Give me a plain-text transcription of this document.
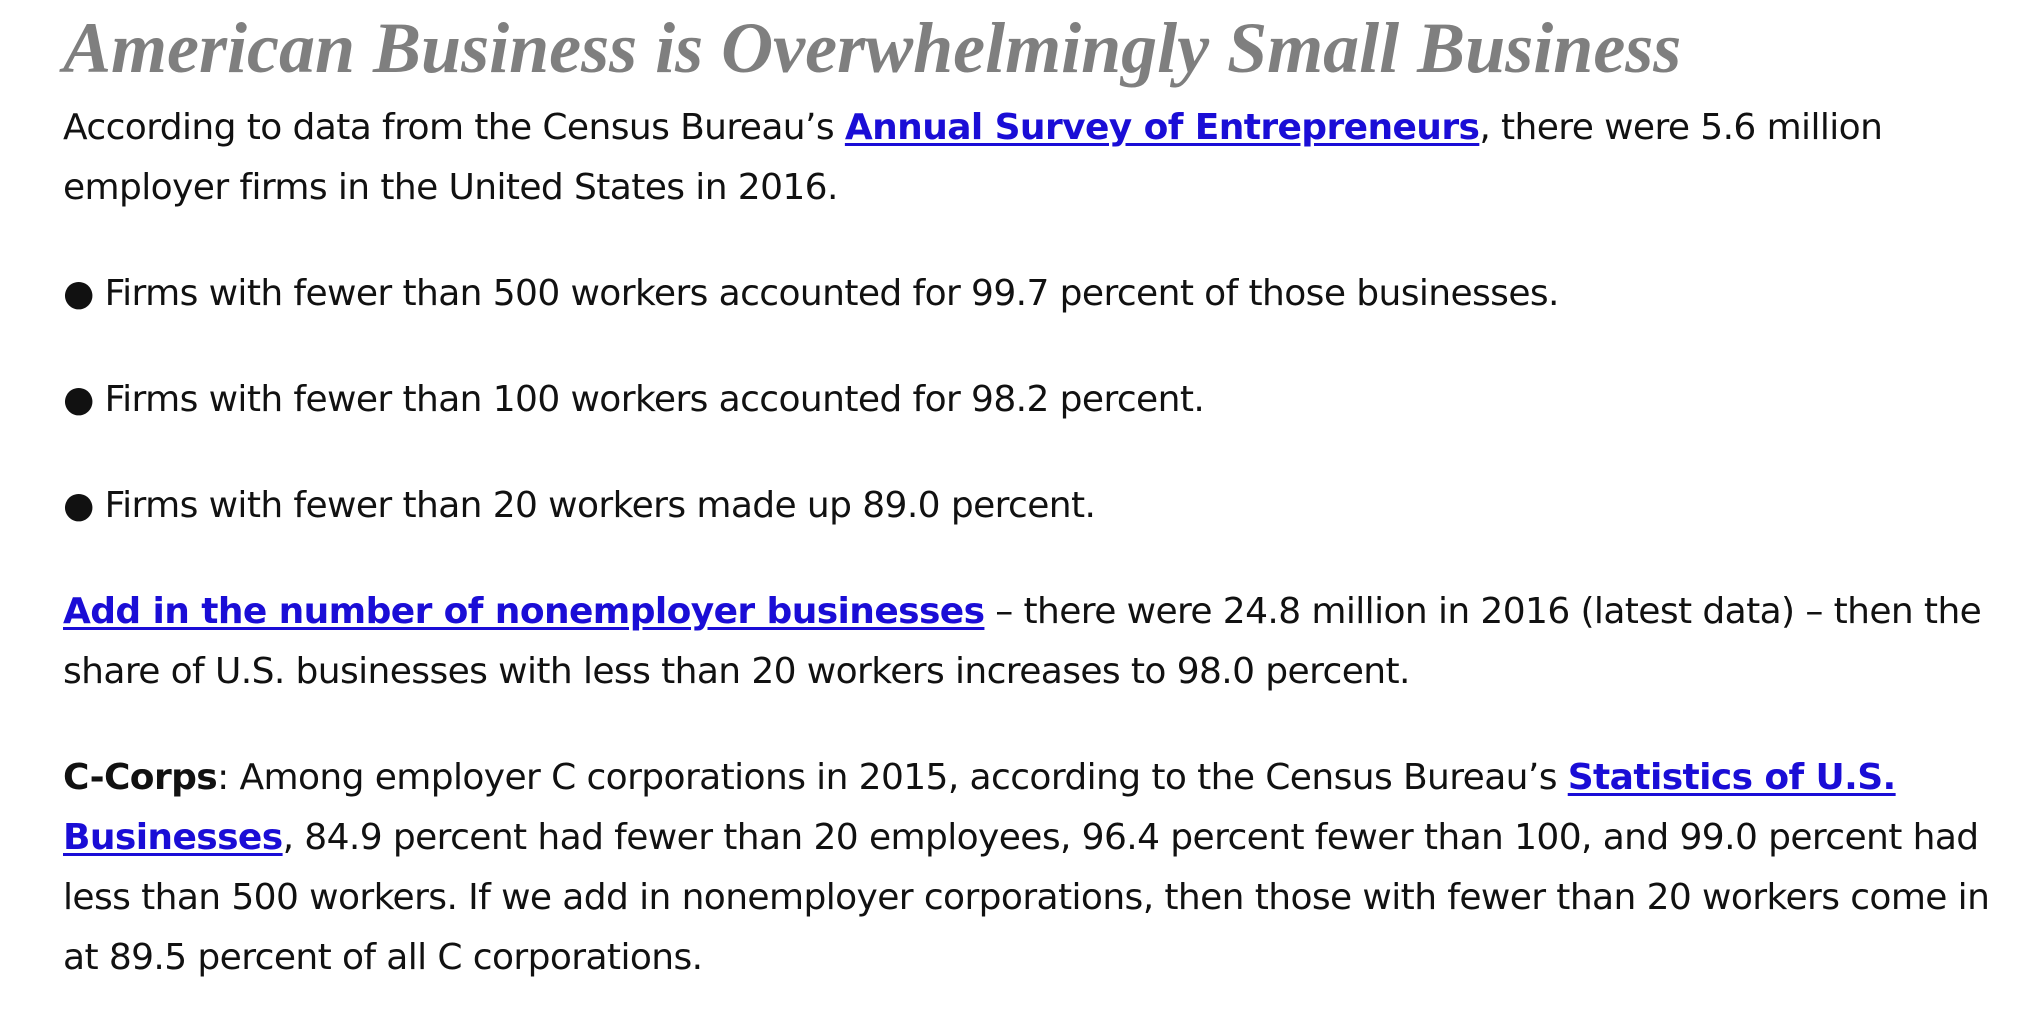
American Business is Overwhelmingly Small Business

According to data from the Census Bureau’s Annual Survey of Entrepreneurs, there were 5.6 million employer firms in the United States in 2016.

● Firms with fewer than 500 workers accounted for 99.7 percent of those businesses.

● Firms with fewer than 100 workers accounted for 98.2 percent.

● Firms with fewer than 20 workers made up 89.0 percent.

Add in the number of nonemployer businesses – there were 24.8 million in 2016 (latest data) – then the share of U.S. businesses with less than 20 workers increases to 98.0 percent.

C-Corps: Among employer C corporations in 2015, according to the Census Bureau’s Statistics of U.S. Businesses, 84.9 percent had fewer than 20 employees, 96.4 percent fewer than 100, and 99.0 percent had less than 500 workers. If we add in nonemployer corporations, then those with fewer than 20 workers come in at 89.5 percent of all C corporations.
